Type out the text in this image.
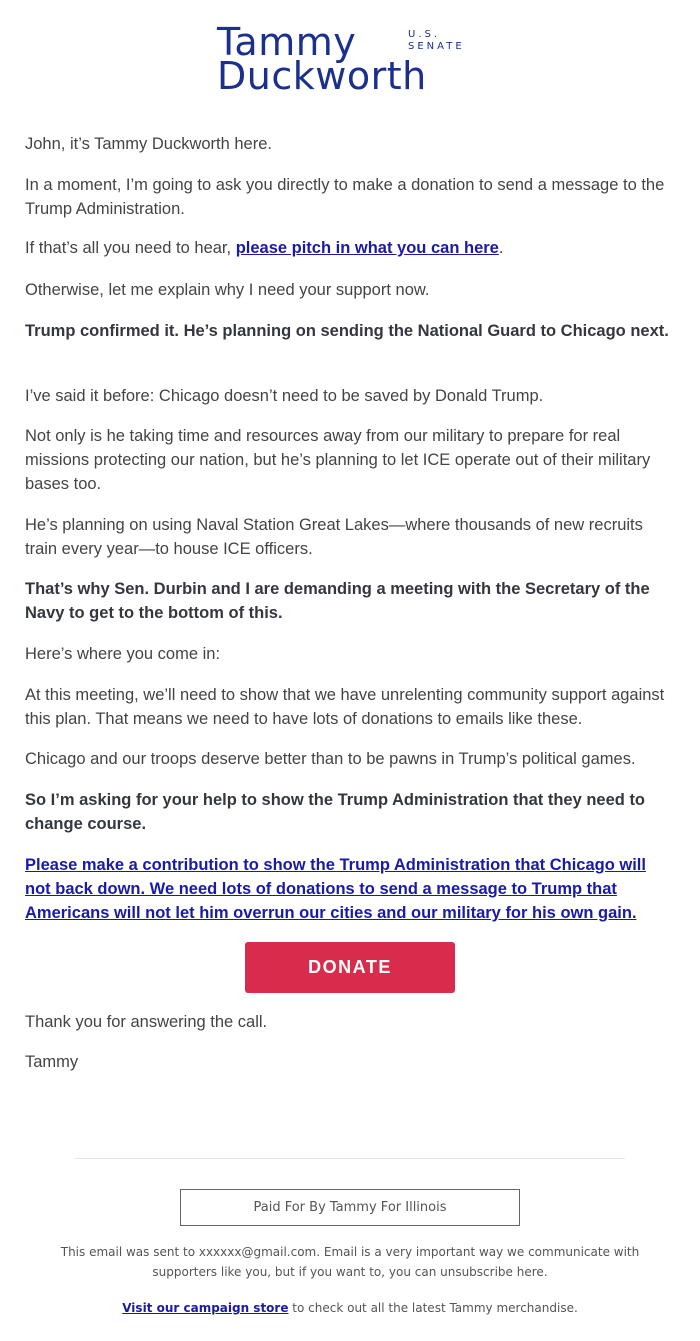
Tammy	U.S.
SENATE
Duckworth

John, it’s Tammy Duckworth here.

In a moment, I’m going to ask you directly to make a donation to send a message to the Trump Administration.

If that’s all you need to hear, please pitch in what you can here.

Otherwise, let me explain why I need your support now.

Trump confirmed it. He’s planning on sending the National Guard to Chicago next.

I’ve said it before: Chicago doesn’t need to be saved by Donald Trump.

Not only is he taking time and resources away from our military to prepare for real missions protecting our nation, but he’s planning to let ICE operate out of their military bases too.

He’s planning on using Naval Station Great Lakes—where thousands of new recruits train every year—to house ICE officers.

That’s why Sen. Durbin and I are demanding a meeting with the Secretary of the Navy to get to the bottom of this.

Here’s where you come in:

At this meeting, we’ll need to show that we have unrelenting community support against this plan. That means we need to have lots of donations to emails like these.

Chicago and our troops deserve better than to be pawns in Trump’s political games.

So I’m asking for your help to show the Trump Administration that they need to change course.

Please make a contribution to show the Trump Administration that Chicago will not back down. We need lots of donations to send a message to Trump that Americans will not let him overrun our cities and our military for his own gain.

DONATE

Thank you for answering the call.

Tammy

Paid For By Tammy For Illinois

This email was sent to xxxxxx@gmail.com. Email is a very important way we communicate with supporters like you, but if you want to, you can unsubscribe here.

Visit our campaign store to check out all the latest Tammy merchandise.
